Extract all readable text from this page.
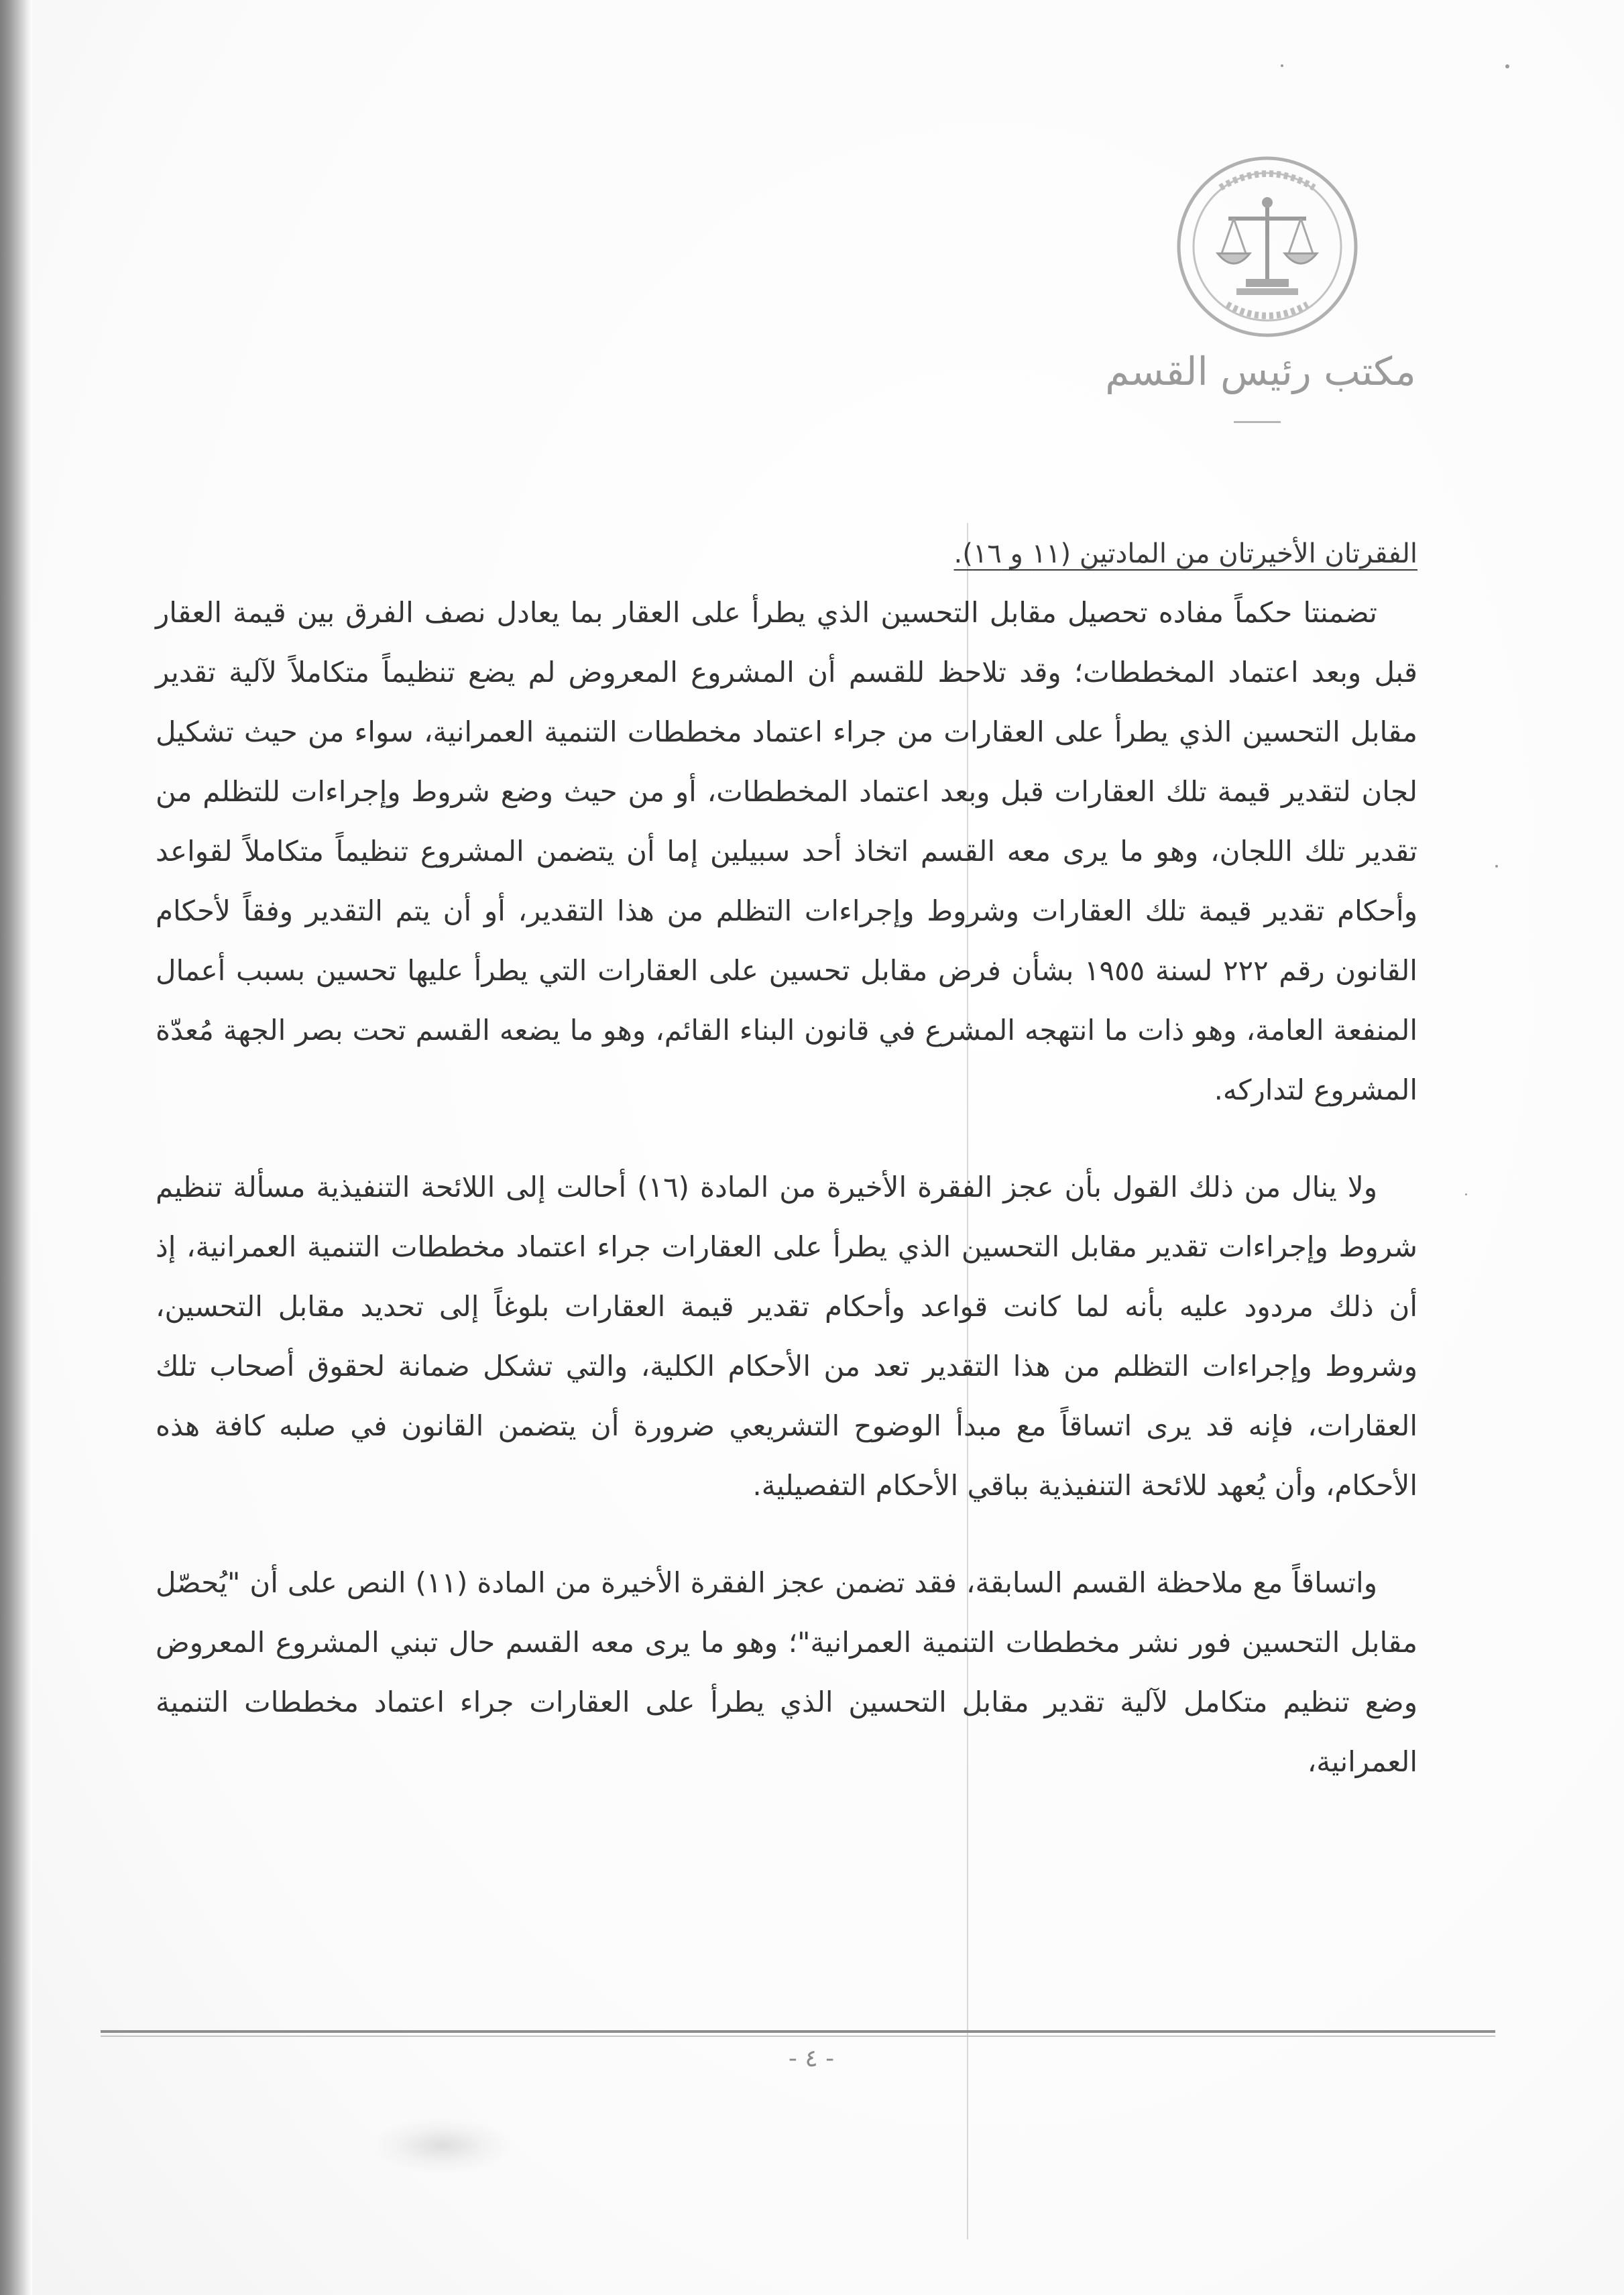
مكتب رئيس القسم
الفقرتان الأخيرتان من المادتين (١١ و ١٦).

تضمنتا حكماً مفاده تحصيل مقابل التحسين الذي يطرأ على العقار بما يعادل نصف الفرق بين قيمة العقار قبل وبعد اعتماد المخططات؛ وقد تلاحظ للقسم أن المشروع المعروض لم يضع تنظيماً متكاملاً لآلية تقدير مقابل التحسين الذي يطرأ على العقارات من جراء اعتماد مخططات التنمية العمرانية، سواء من حيث تشكيل لجان لتقدير قيمة تلك العقارات قبل وبعد اعتماد المخططات، أو من حيث وضع شروط وإجراءات للتظلم من تقدير تلك اللجان، وهو ما يرى معه القسم اتخاذ أحد سبيلين إما أن يتضمن المشروع تنظيماً متكاملاً لقواعد وأحكام تقدير قيمة تلك العقارات وشروط وإجراءات التظلم من هذا التقدير، أو أن يتم التقدير وفقاً لأحكام القانون رقم ٢٢٢ لسنة ١٩٥٥ بشأن فرض مقابل تحسين على العقارات التي يطرأ عليها تحسين بسبب أعمال المنفعة العامة، وهو ذات ما انتهجه المشرع في قانون البناء القائم، وهو ما يضعه القسم تحت بصر الجهة مُعدّة المشروع لتداركه.

ولا ينال من ذلك القول بأن عجز الفقرة الأخيرة من المادة (١٦) أحالت إلى اللائحة التنفيذية مسألة تنظيم شروط وإجراءات تقدير مقابل التحسين الذي يطرأ على العقارات جراء اعتماد مخططات التنمية العمرانية، إذ أن ذلك مردود عليه بأنه لما كانت قواعد وأحكام تقدير قيمة العقارات بلوغاً إلى تحديد مقابل التحسين، وشروط وإجراءات التظلم من هذا التقدير تعد من الأحكام الكلية، والتي تشكل ضمانة لحقوق أصحاب تلك العقارات، فإنه قد يرى اتساقاً مع مبدأ الوضوح التشريعي ضرورة أن يتضمن القانون في صلبه كافة هذه الأحكام، وأن يُعهد للائحة التنفيذية بباقي الأحكام التفصيلية.

واتساقاً مع ملاحظة القسم السابقة، فقد تضمن عجز الفقرة الأخيرة من المادة (١١) النص على أن "يُحصّل مقابل التحسين فور نشر مخططات التنمية العمرانية"؛ وهو ما يرى معه القسم حال تبني المشروع المعروض وضع تنظيم متكامل لآلية تقدير مقابل التحسين الذي يطرأ على العقارات جراء اعتماد مخططات التنمية العمرانية،

- ٤ -
